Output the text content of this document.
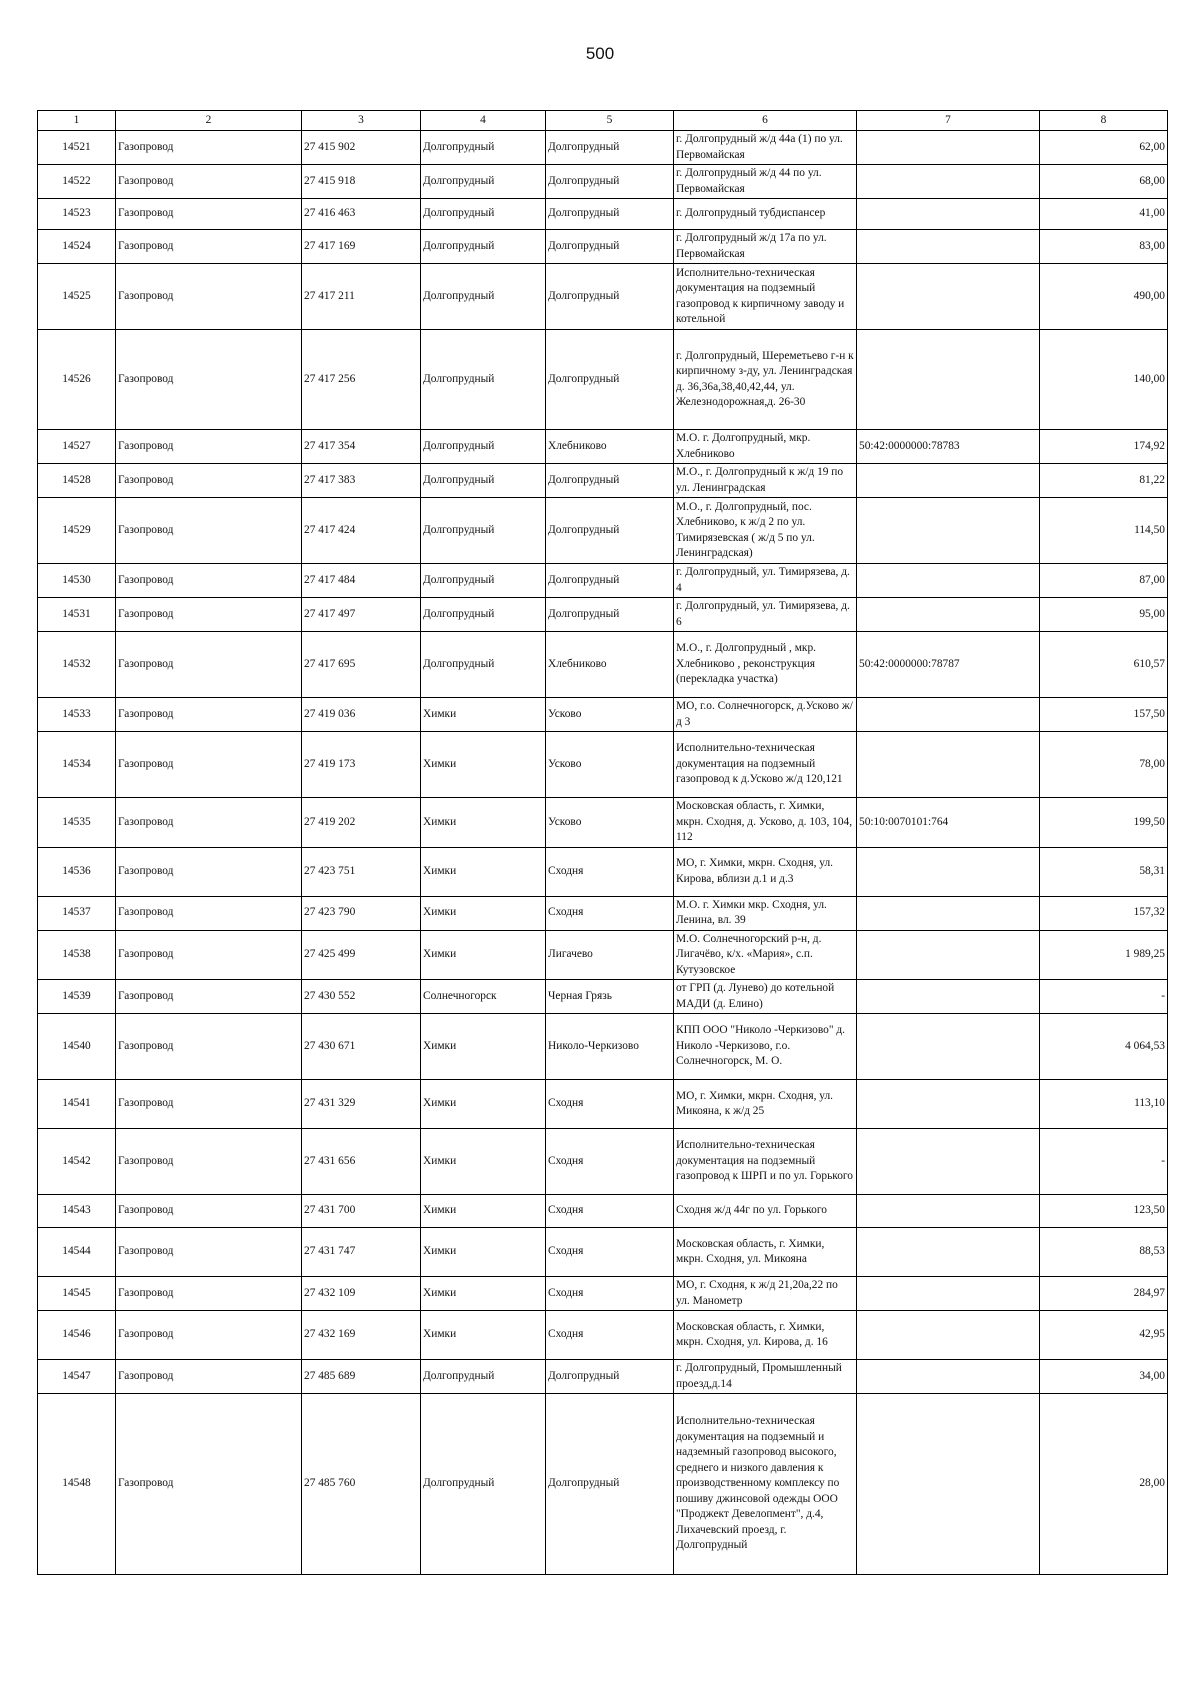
500
1	2	3	4	5	6	7	8
14521	Газопровод	27 415 902	Долгопрудный	Долгопрудный	г. Долгопрудный ж/д 44а (1) по ул. Первомайская		62,00
14522	Газопровод	27 415 918	Долгопрудный	Долгопрудный	г. Долгопрудный ж/д 44 по ул. Первомайская		68,00
14523	Газопровод	27 416 463	Долгопрудный	Долгопрудный	г. Долгопрудный тубдиспансер		41,00
14524	Газопровод	27 417 169	Долгопрудный	Долгопрудный	г. Долгопрудный ж/д 17а по ул. Первомайская		83,00
14525	Газопровод	27 417 211	Долгопрудный	Долгопрудный	Исполнительно-техническая документация на подземный газопровод к кирпичному заводу и котельной		490,00
14526	Газопровод	27 417 256	Долгопрудный	Долгопрудный	г. Долгопрудный, Шереметьево г-н к кирпичному з-ду, ул. Ленинградская д. 36,36а,38,40,42,44, ул. Железнодорожная,д. 26-30		140,00
14527	Газопровод	27 417 354	Долгопрудный	Хлебниково	М.О. г. Долгопрудный, мкр. Хлебниково	50:42:0000000:78783	174,92
14528	Газопровод	27 417 383	Долгопрудный	Долгопрудный	М.О., г. Долгопрудный к ж/д 19 по ул. Ленинградская		81,22
14529	Газопровод	27 417 424	Долгопрудный	Долгопрудный	М.О., г. Долгопрудный, пос. Хлебниково, к ж/д 2 по ул. Тимирязевская ( ж/д 5 по ул. Ленинградская)		114,50
14530	Газопровод	27 417 484	Долгопрудный	Долгопрудный	г. Долгопрудный, ул. Тимирязева, д. 4		87,00
14531	Газопровод	27 417 497	Долгопрудный	Долгопрудный	г. Долгопрудный, ул. Тимирязева, д. 6		95,00
14532	Газопровод	27 417 695	Долгопрудный	Хлебниково	М.О., г. Долгопрудный , мкр. Хлебниково , реконструкция (перекладка участка)	50:42:0000000:78787	610,57
14533	Газопровод	27 419 036	Химки	Усково	МО, г.о. Солнечногорск, д.Усково ж/д 3		157,50
14534	Газопровод	27 419 173	Химки	Усково	Исполнительно-техническая документация на подземный газопровод к д.Усково ж/д 120,121		78,00
14535	Газопровод	27 419 202	Химки	Усково	Московская область, г. Химки, мкрн. Сходня, д. Усково, д. 103, 104, 112	50:10:0070101:764	199,50
14536	Газопровод	27 423 751	Химки	Сходня	МО, г. Химки, мкрн. Сходня, ул. Кирова, вблизи д.1 и д.3		58,31
14537	Газопровод	27 423 790	Химки	Сходня	М.О. г. Химки мкр. Сходня, ул. Ленина, вл. 39		157,32
14538	Газопровод	27 425 499	Химки	Лигачево	М.О. Солнечногорский р-н, д. Лигачёво, к/х. «Мария», с.п. Кутузовское		1 989,25
14539	Газопровод	27 430 552	Солнечногорск	Черная Грязь	от ГРП (д. Лунево) до котельной МАДИ (д. Елино)		-
14540	Газопровод	27 430 671	Химки	Николо-Черкизово	КПП ООО "Николо -Черкизово" д. Николо -Черкизово, г.о. Солнечногорск, М. О.		4 064,53
14541	Газопровод	27 431 329	Химки	Сходня	МО, г. Химки, мкрн. Сходня, ул. Микояна, к ж/д 25		113,10
14542	Газопровод	27 431 656	Химки	Сходня	Исполнительно-техническая документация на подземный газопровод к ШРП и по ул. Горького		-
14543	Газопровод	27 431 700	Химки	Сходня	Сходня ж/д 44г по ул. Горького		123,50
14544	Газопровод	27 431 747	Химки	Сходня	Московская область, г. Химки, мкрн. Сходня, ул. Микояна		88,53
14545	Газопровод	27 432 109	Химки	Сходня	МО, г. Сходня, к ж/д 21,20а,22 по ул. Манометр		284,97
14546	Газопровод	27 432 169	Химки	Сходня	Московская область, г. Химки, мкрн. Сходня, ул. Кирова, д. 16		42,95
14547	Газопровод	27 485 689	Долгопрудный	Долгопрудный	г. Долгопрудный, Промышленный проезд,д.14		34,00
14548	Газопровод	27 485 760	Долгопрудный	Долгопрудный	Исполнительно-техническая документация на подземный и надземный газопровод высокого, среднего и низкого давления к производственному комплексу по пошиву джинсовой одежды ООО "Проджект Девелопмент", д.4, Лихачевский проезд, г. Долгопрудный		28,00
